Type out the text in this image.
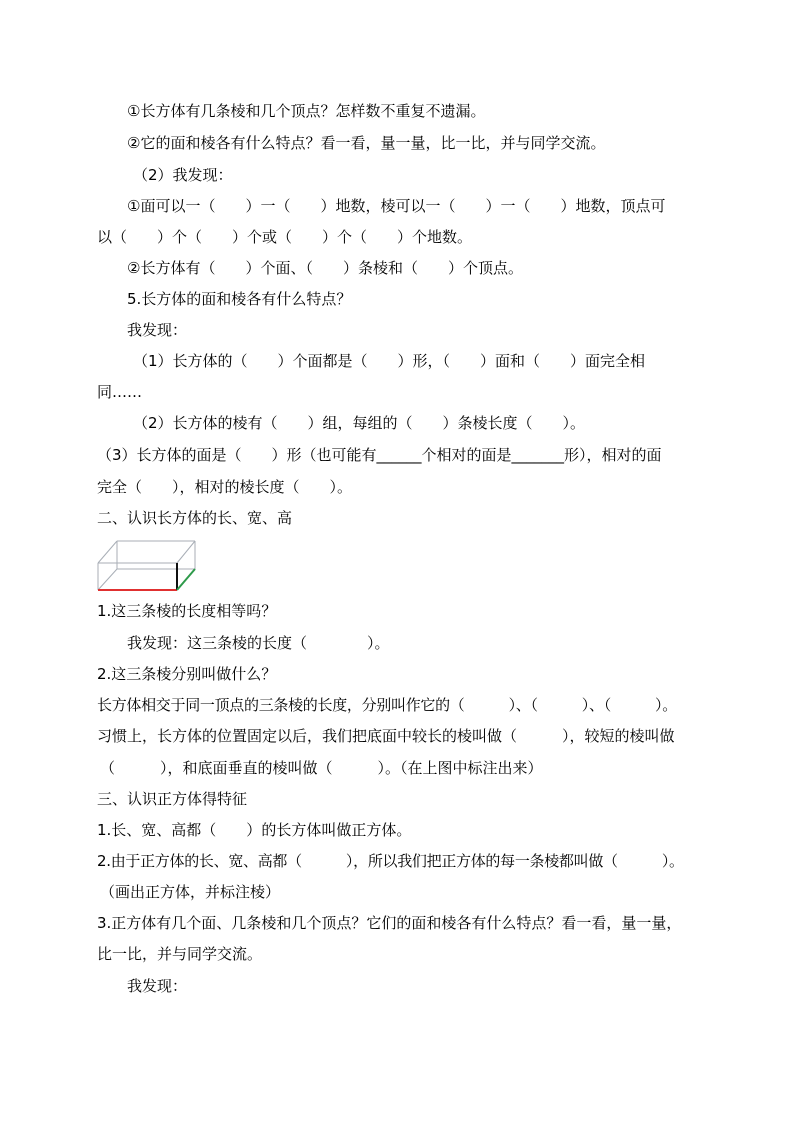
①长方体有几条棱和几个顶点？怎样数不重复不遗漏。

②它的面和棱各有什么特点？看一看，量一量，比一比，并与同学交流。

（2）我发现：

①面可以一（　　）一（　　）地数，棱可以一（　　）一（　　）地数，顶点可

以（　　）个（　　）个或（　　）个（　　）个地数。

②长方体有（　　）个面、（　　）条棱和（　　）个顶点。

5.长方体的面和棱各有什么特点？

我发现：

（1）长方体的（　　）个面都是（　　）形，（　　）面和（　　）面完全相

同……

（2）长方体的棱有（　　）组，每组的（　　）条棱长度（　　）。

（3）长方体的面是（　　）形（也可能有______个相对的面是_______形），相对的面

完全（　　），相对的棱长度（　　）。

二、认识长方体的长、宽、高

1.这三条棱的长度相等吗？

我发现：这三条棱的长度（　　　　）。

2.这三条棱分别叫做什么？

长方体相交于同一顶点的三条棱的长度，分别叫作它的（　　　）、（　　　）、（　　　）。

习惯上，长方体的位置固定以后，我们把底面中较长的棱叫做（　　　），较短的棱叫做

（　　　），和底面垂直的棱叫做（　　　）。（在上图中标注出来）

三、认识正方体得特征

1.长、宽、高都（　　）的长方体叫做正方体。

2.由于正方体的长、宽、高都（　　　），所以我们把正方体的每一条棱都叫做（　　　）。

（画出正方体，并标注棱）

3.正方体有几个面、几条棱和几个顶点？它们的面和棱各有什么特点？看一看，量一量，

比一比，并与同学交流。

我发现：
